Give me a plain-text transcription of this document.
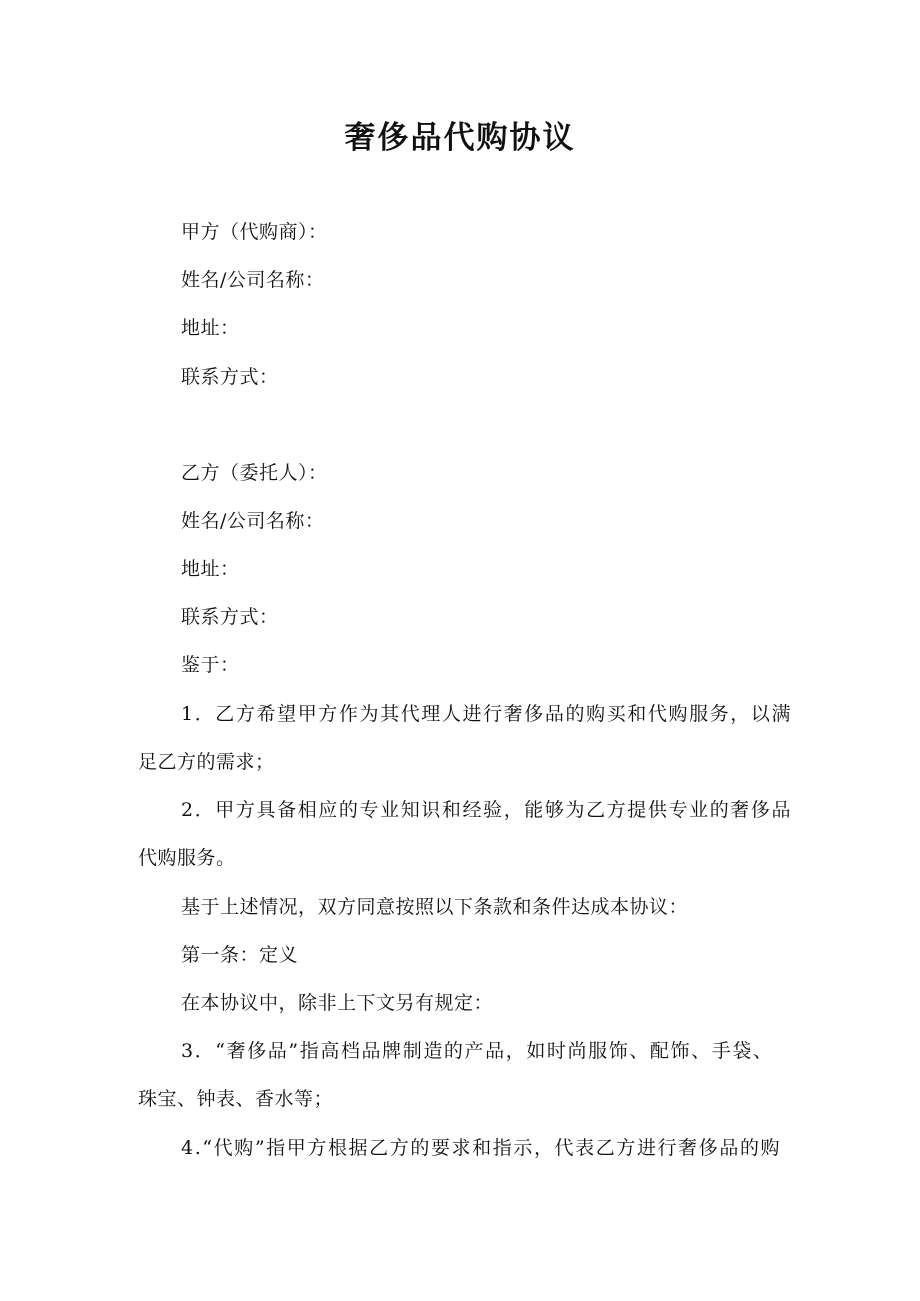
奢侈品代购协议
甲方（代购商）：
姓名/公司名称：
地址：
联系方式：
乙方（委托人）：
姓名/公司名称：
地址：
联系方式：
鉴于：
1．乙方希望甲方作为其代理人进行奢侈品的购买和代购服务，以满
足乙方的需求；
2．甲方具备相应的专业知识和经验，能够为乙方提供专业的奢侈品
代购服务。
基于上述情况，双方同意按照以下条款和条件达成本协议：
第一条：定义
在本协议中，除非上下文另有规定：
3．“奢侈品”指高档品牌制造的产品，如时尚服饰、配饰、手袋、
珠宝、钟表、香水等；
4.“代购”指甲方根据乙方的要求和指示，代表乙方进行奢侈品的购
